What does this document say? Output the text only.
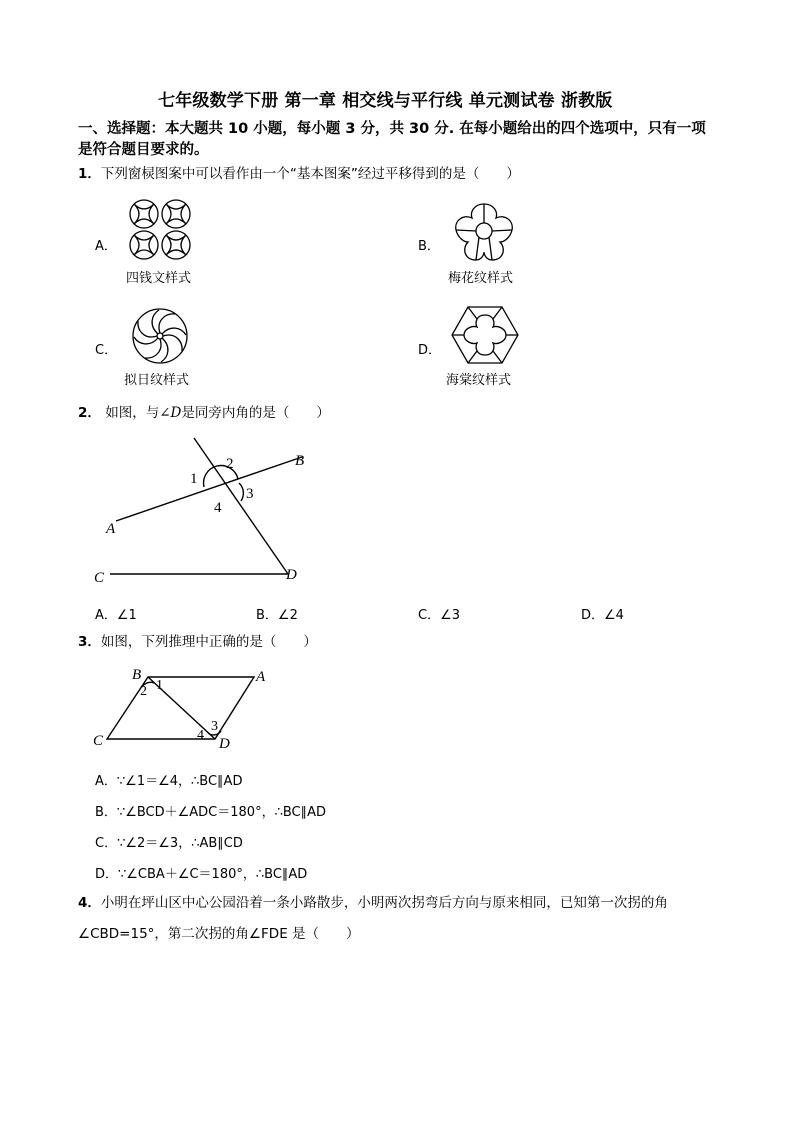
七年级数学下册 第一章 相交线与平行线 单元测试卷 浙教版
一、选择题：本大题共 10 小题，每小题 3 分，共 30 分. 在每小题给出的四个选项中，只有一项
是符合题目要求的。
1．下列窗棂图案中可以看作由一个“基本图案”经过平移得到的是（　　）
A．
四钱文样式
B．
梅花纹样式
C．
拟日纹样式
D．
海棠纹样式
2． 如图，与∠D是同旁内角的是（　　）
B
A
C	D
1
2
3
4
A．∠1	B．∠2	C．∠3	D．∠4
3．如图，下列推理中正确的是（　　）
B	A
C	D
1
2
3
4
A．∵∠1＝∠4，∴BC∥AD
B．∵∠BCD＋∠ADC＝180°，∴BC∥AD
C．∵∠2＝∠3，∴AB∥CD
D．∵∠CBA＋∠C＝180°，∴BC∥AD
4．小明在坪山区中心公园沿着一条小路散步，小明两次拐弯后方向与原来相同，已知第一次拐的角
∠CBD=15°，第二次拐的角∠FDE 是（　　）
